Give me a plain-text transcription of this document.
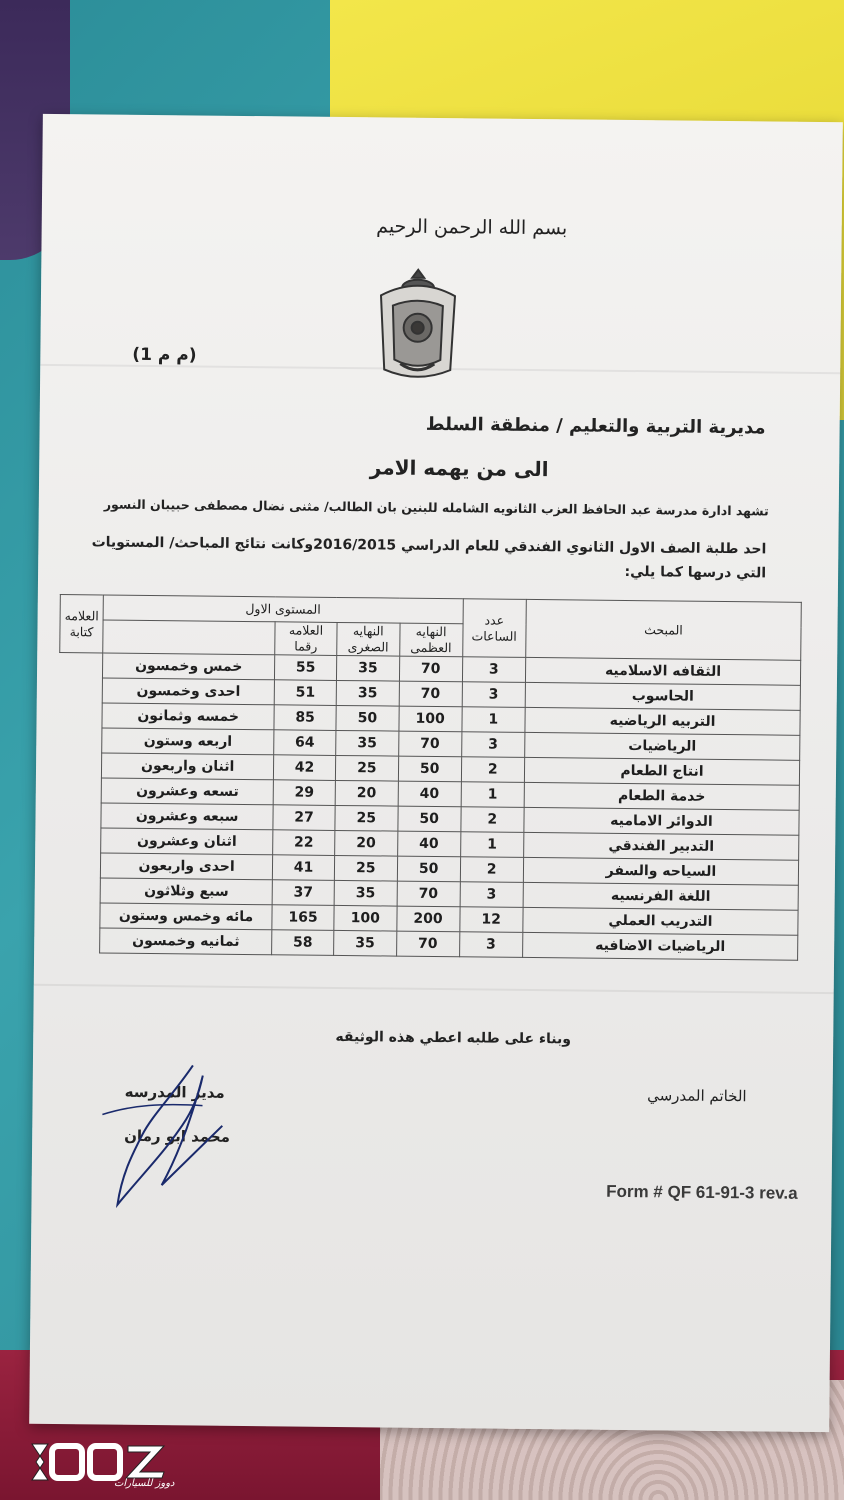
بسم الله الرحمن الرحيم
(م م 1)
مديرية التربية والتعليم / منطقة السلط
الى من يهمه الامر
تشهد ادارة مدرسة عبد الحافظ العزب الثانويه الشامله للبنين بان الطالب/ مثنى نضال مصطفى حبيبان النسور
احد طلبة الصف الاول الثانوي الفندقي للعام الدراسي 2016/2015وكانت نتائج المباحث/ المستويات
التي درسها كما يلي:
المبحث	عدد الساعات	المستوى الاول				العلامه كتابة
		النهايه العظمى	النهايه الصغرى	العلامه رقما		
الثقافه الاسلاميه	3	70	35	55	خمس وخمسون	
الحاسوب	3	70	35	51	احدى وخمسون	
التربيه الرياضيه	1	100	50	85	خمسه وثمانون	
الرياضيات	3	70	35	64	اربعه وستون	
انتاج الطعام	2	50	25	42	اثنان واربعون	
خدمة الطعام	1	40	20	29	تسعه وعشرون	
الدوائر الاماميه	2	50	25	27	سبعه وعشرون	
التدبير الفندقي	1	40	20	22	اثنان وعشرون	
السياحه والسفر	2	50	25	41	احدى واربعون	
اللغة الفرنسيه	3	70	35	37	سبع وثلاثون	
التدريب العملي	12	200	100	165	مائه وخمس وستون	
الرياضيات الاضافيه	3	70	35	58	ثمانيه وخمسون	
وبناء على طلبه اعطي هذه الوثيقه
مدير المدرسه
محمد ابو رمان
الخاتم المدرسي
Form # QF 61-91-3 rev.a
دووز للسيارات
